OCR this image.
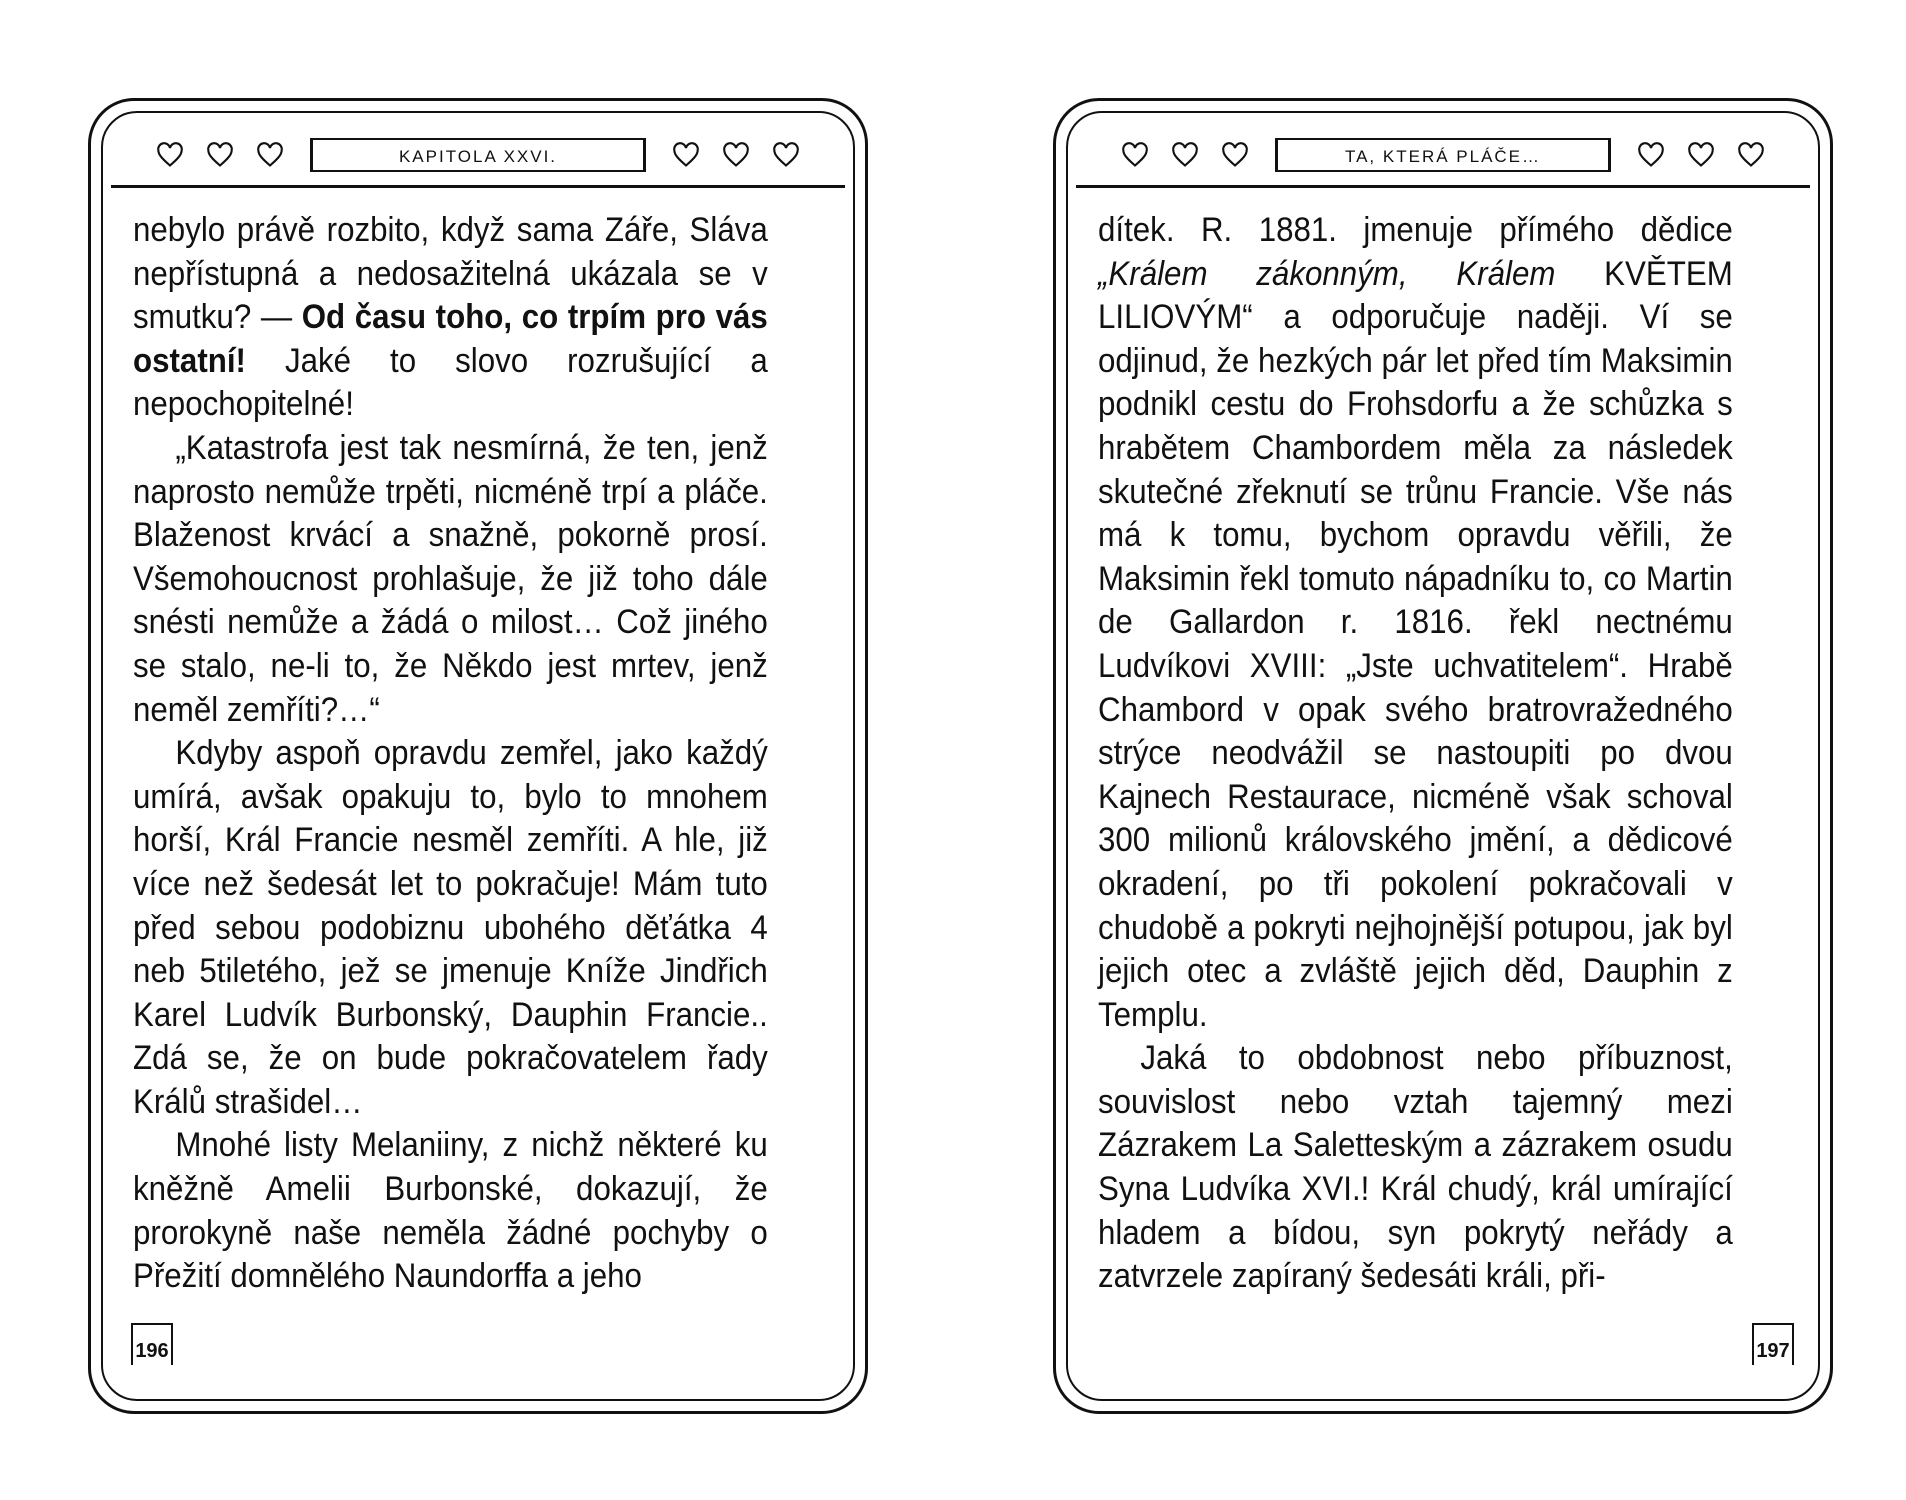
KAPITOLA XXVI.

nebylo právě rozbito, když sama Záře, Sláva nepřístupná a nedosažitelná ukázala se v smutku? — Od času toho, co trpím pro vás ostatní! Jaké to slovo rozrušující a nepochopitelné!

„Katastrofa jest tak nesmírná, že ten, jenž naprosto nemůže trpěti, nicméně trpí a pláče. Blaženost krvácí a snažně, pokorně prosí. Všemohoucnost prohlašuje, že již toho dále snésti nemůže a žádá o milost… Což jiného se stalo, ne-li to, že Někdo jest mrtev, jenž neměl zemříti?…“

Kdyby aspoň opravdu zemřel, jako každý umírá, avšak opakuju to, bylo to mnohem horší, Král Francie nesměl zemříti. A hle, již více než šedesát let to pokračuje! Mám tuto před sebou podobiznu ubohého děťátka 4 neb 5tiletého, jež se jmenuje Kníže Jindřich Karel Ludvík Burbonský, Dauphin Francie.. Zdá se, že on bude pokračovatelem řady Králů strašidel…

Mnohé listy Melaniiny, z nichž některé ku kněžně Amelii Burbonské, dokazují, že prorokyně naše neměla žádné pochyby o Přežití domnělého Naundorffa a jeho

196
TA, KTERÁ PLÁČE…

dítek. R. 1881. jmenuje přímého dědice „Králem zákonným, Králem KVĚTEM LILIOVÝM“ a odporučuje naději. Ví se odjinud, že hezkých pár let před tím Maksimin podnikl cestu do Frohsdorfu a že schůzka s hrabětem Chambordem měla za následek skutečné zřeknutí se trůnu Francie. Vše nás má k tomu, bychom opravdu věřili, že Maksimin řekl tomuto nápadníku to, co Martin de Gallardon r. 1816. řekl nectnému Ludvíkovi XVIII: „Jste uchvatitelem“. Hrabě Chambord v opak svého bratrovražedného strýce neodvážil se nastoupiti po dvou Kajnech Restaurace, nicméně však schoval 300 milionů královského jmění, a dědicové okradení, po tři pokolení pokračovali v chudobě a pokryti nejhojnější potupou, jak byl jejich otec a zvláště jejich děd, Dauphin z Templu.

Jaká to obdobnost nebo příbuznost, souvislost nebo vztah tajemný mezi Zázrakem La Saletteským a zázrakem osudu Syna Ludvíka XVI.! Král chudý, král umírající hladem a bídou, syn pokrytý neřády a zatvrzele zapíraný šedesáti králi, při-

197
